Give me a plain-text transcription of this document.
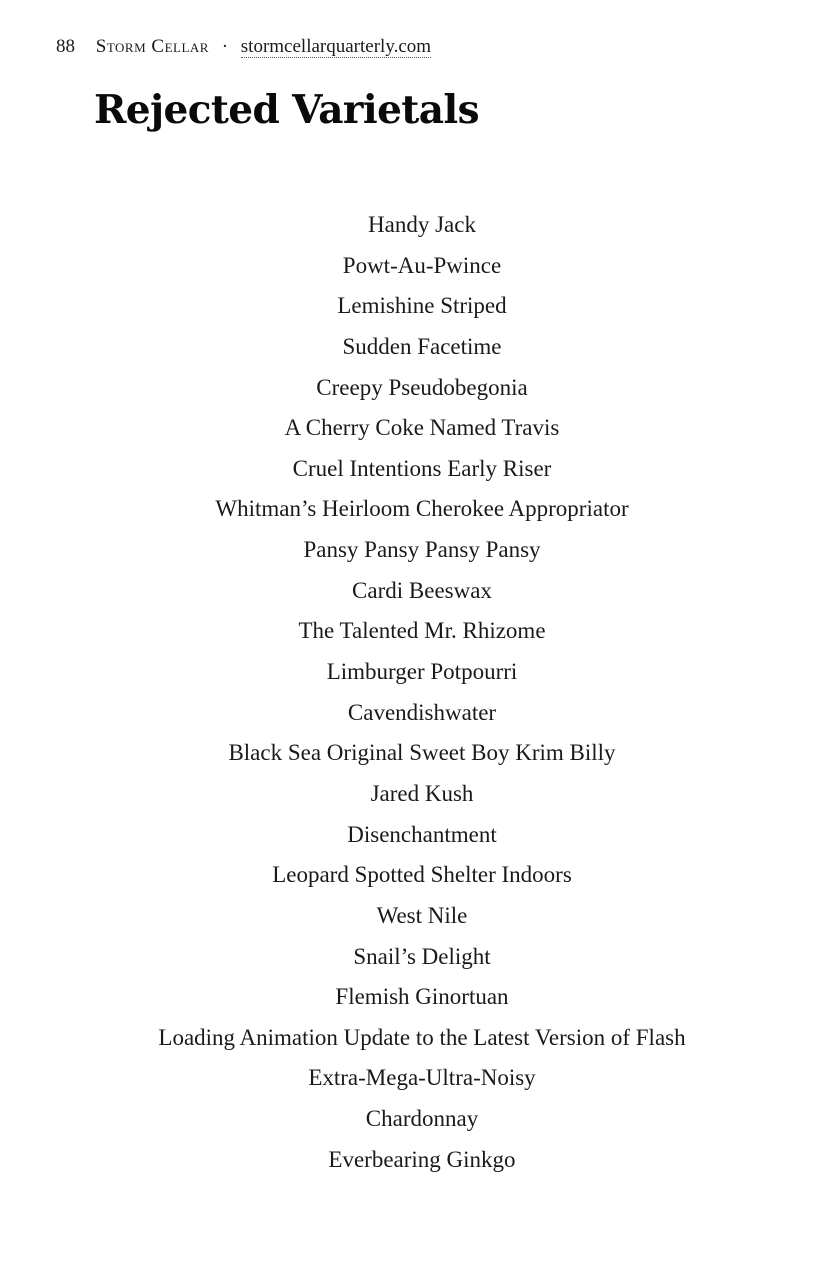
88 Storm Cellar · stormcellarquarterly.com
Rejected Varietals
Handy Jack
Powt-Au-Pwince
Lemishine Striped
Sudden Facetime
Creepy Pseudobegonia
A Cherry Coke Named Travis
Cruel Intentions Early Riser
Whitman’s Heirloom Cherokee Appropriator
Pansy Pansy Pansy Pansy
Cardi Beeswax
The Talented Mr. Rhizome
Limburger Potpourri
Cavendishwater
Black Sea Original Sweet Boy Krim Billy
Jared Kush
Disenchantment
Leopard Spotted Shelter Indoors
West Nile
Snail’s Delight
Flemish Ginortuan
Loading Animation Update to the Latest Version of Flash
Extra-Mega-Ultra-Noisy
Chardonnay
Everbearing Ginkgo
